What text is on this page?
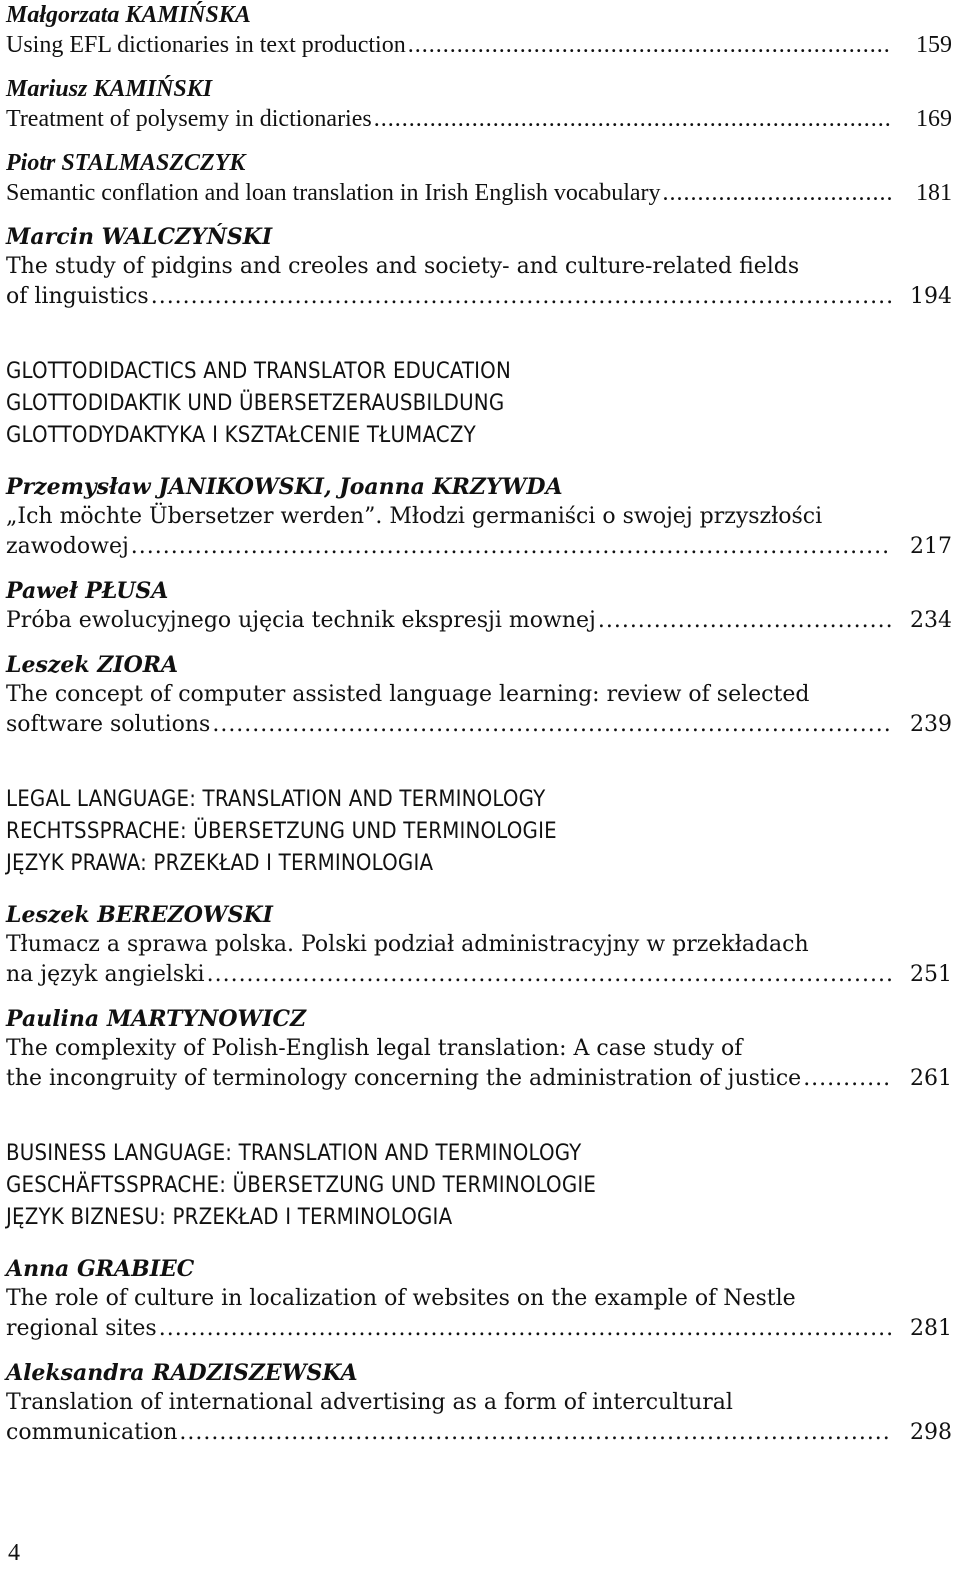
Małgorzata KAMIŃSKA
Using EFL dictionaries in text production .....	159
Mariusz KAMIŃSKI
Treatment of polysemy in dictionaries .....	169
Piotr STALMASZCZYK
Semantic conflation and loan translation in Irish English vocabulary .....	181
Marcin WALCZYŃSKI
The study of pidgins and creoles and society- and culture-related fields
of linguistics .....	194
GLOTTODIDACTICS AND TRANSLATOR EDUCATION
GLOTTODIDAKTIK UND ÜBERSETZERAUSBILDUNG
GLOTTODYDAKTYKA I KSZTAŁCENIE TŁUMACZY
Przemysław JANIKOWSKI, Joanna KRZYWDA
„Ich möchte Übersetzer werden”. Młodzi germaniści o swojej przyszłości
zawodowej .....	217
Paweł PŁUSA
Próba ewolucyjnego ujęcia technik ekspresji mownej .....	234
Leszek ZIORA
The concept of computer assisted language learning: review of selected
software solutions .....	239
LEGAL LANGUAGE: TRANSLATION AND TERMINOLOGY
RECHTSSPRACHE: ÜBERSETZUNG UND TERMINOLOGIE
JĘZYK PRAWA: PRZEKŁAD I TERMINOLOGIA
Leszek BEREZOWSKI
Tłumacz a sprawa polska. Polski podział administracyjny w przekładach
na język angielski .....	251
Paulina MARTYNOWICZ
The complexity of Polish-English legal translation: A case study of
the incongruity of terminology concerning the administration of justice .....	261
BUSINESS LANGUAGE: TRANSLATION AND TERMINOLOGY
GESCHÄFTSSPRACHE: ÜBERSETZUNG UND TERMINOLOGIE
JĘZYK BIZNESU: PRZEKŁAD I TERMINOLOGIA
Anna GRABIEC
The role of culture in localization of websites on the example of Nestle
regional sites .....	281
Aleksandra RADZISZEWSKA
Translation of international advertising as a form of intercultural
communication .....	298
4
